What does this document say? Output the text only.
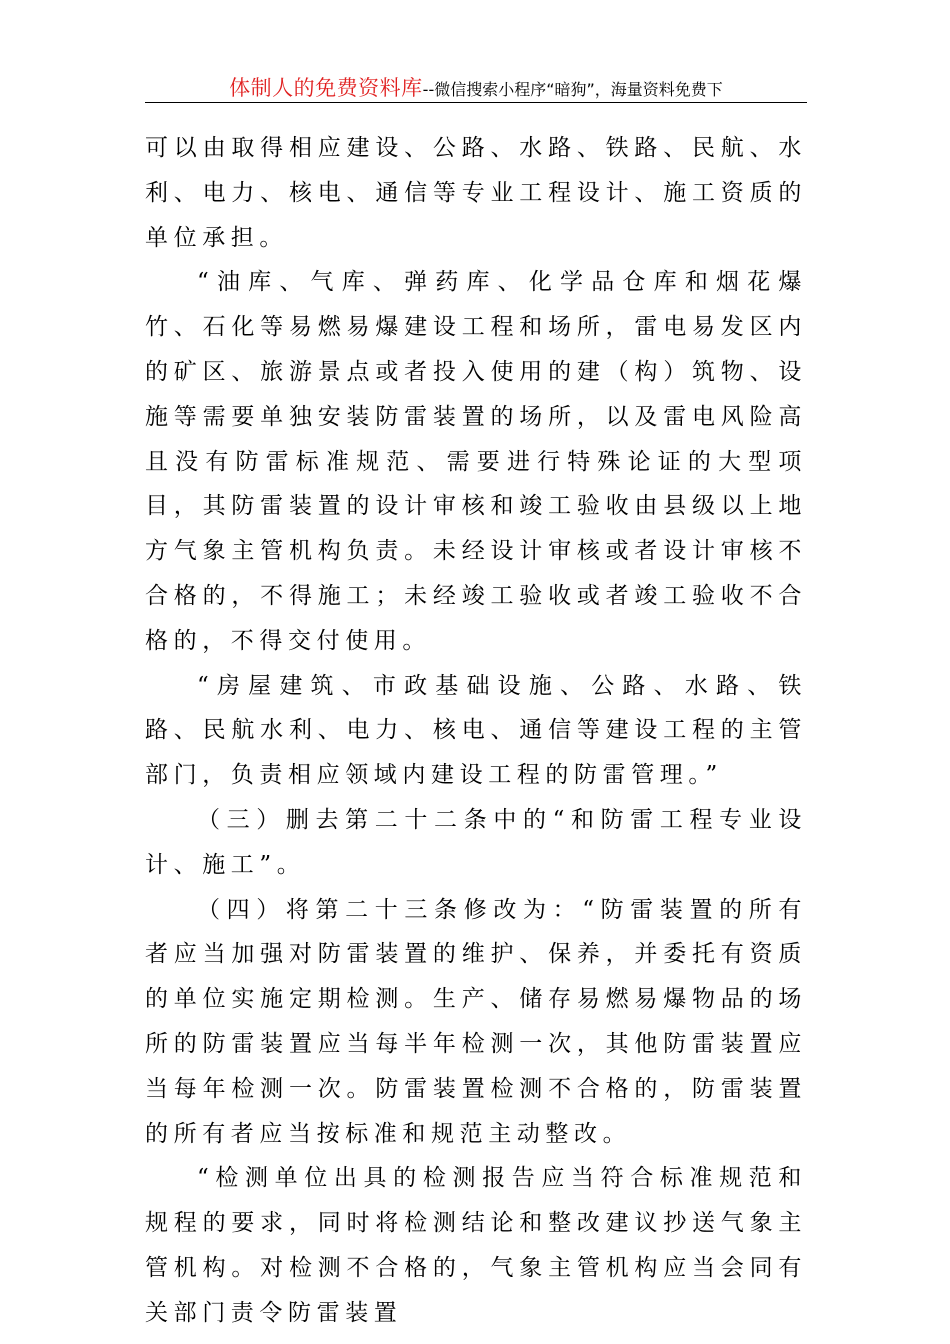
体制人的免费资料库--微信搜索小程序“暗狗”，海量资料免费下

可以由取得相应建设、公路、水路、铁路、民航、水利、电力、核电、通信等专业工程设计、施工资质的单位承担。

“油库、气库、弹药库、化学品仓库和烟花爆竹、石化等易燃易爆建设工程和场所，雷电易发区内的矿区、旅游景点或者投入使用的建（构）筑物、设施等需要单独安装防雷装置的场所，以及雷电风险高且没有防雷标准规范、需要进行特殊论证的大型项目，其防雷装置的设计审核和竣工验收由县级以上地方气象主管机构负责。未经设计审核或者设计审核不合格的，不得施工；未经竣工验收或者竣工验收不合格的，不得交付使用。

“房屋建筑、市政基础设施、公路、水路、铁路、民航水利、电力、核电、通信等建设工程的主管部门，负责相应领域内建设工程的防雷管理。”

（三）删去第二十二条中的“和防雷工程专业设计、施工”。

（四）将第二十三条修改为：“防雷装置的所有者应当加强对防雷装置的维护、保养，并委托有资质的单位实施定期检测。生产、储存易燃易爆物品的场所的防雷装置应当每半年检测一次，其他防雷装置应当每年检测一次。防雷装置检测不合格的，防雷装置的所有者应当按标准和规范主动整改。

“检测单位出具的检测报告应当符合标准规范和规程的要求，同时将检测结论和整改建议抄送气象主管机构。对检测不合格的，气象主管机构应当会同有关部门责令防雷装置
